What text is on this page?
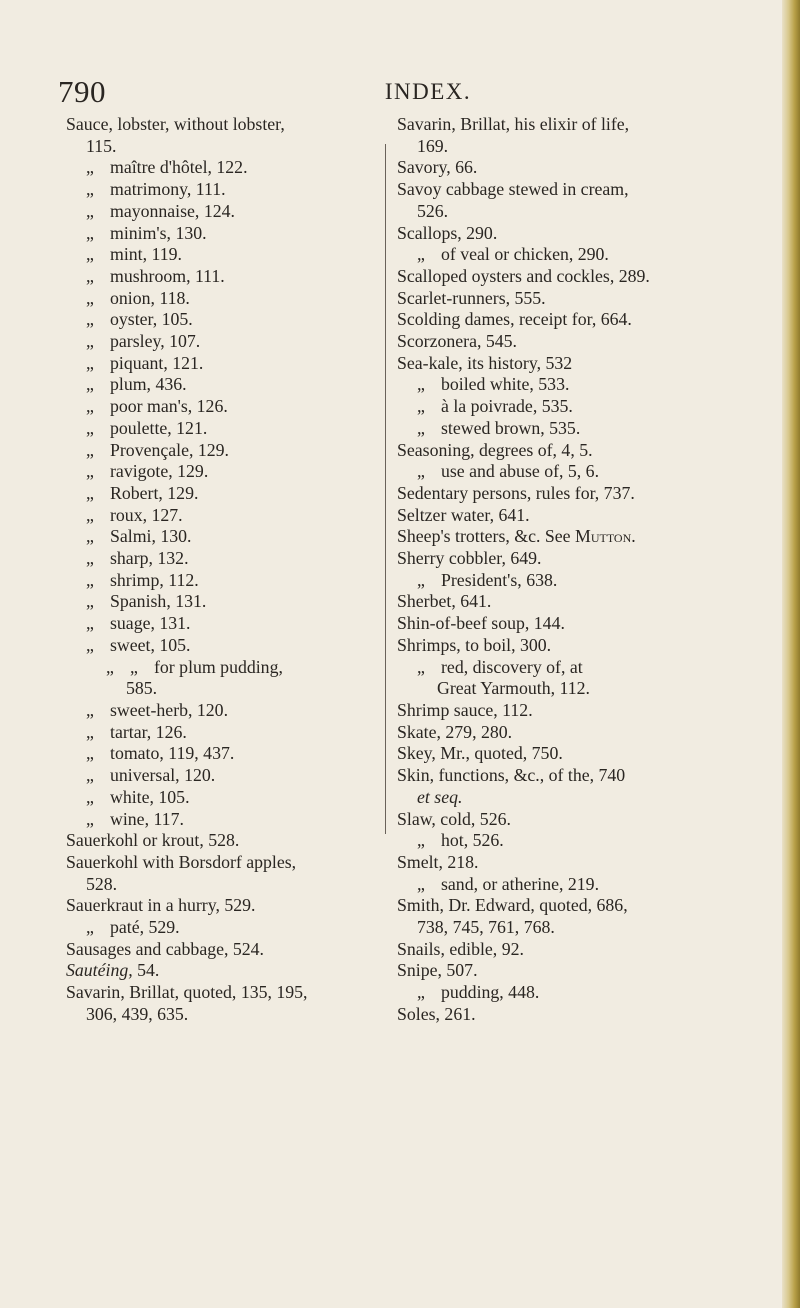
790	INDEX.
Sauce, lobster, without lobster,
115.
„ maître d'hôtel, 122.
„ matrimony, 111.
„ mayonnaise, 124.
„ minim's, 130.
„ mint, 119.
„ mushroom, 111.
„ onion, 118.
„ oyster, 105.
„ parsley, 107.
„ piquant, 121.
„ plum, 436.
„ poor man's, 126.
„ poulette, 121.
„ Provençale, 129.
„ ravigote, 129.
„ Robert, 129.
„ roux, 127.
„ Salmi, 130.
„ sharp, 132.
„ shrimp, 112.
„ Spanish, 131.
„ suage, 131.
„ sweet, 105.
„ „ for plum pudding,
585.
„ sweet-herb, 120.
„ tartar, 126.
„ tomato, 119, 437.
„ universal, 120.
„ white, 105.
„ wine, 117.
Sauerkohl or krout, 528.
Sauerkohl with Borsdorf apples,
528.
Sauerkraut in a hurry, 529.
„ paté, 529.
Sausages and cabbage, 524.
Sautéing, 54.
Savarin, Brillat, quoted, 135, 195,
306, 439, 635.
Savarin, Brillat, his elixir of life,
169.
Savory, 66.
Savoy cabbage stewed in cream,
526.
Scallops, 290.
„ of veal or chicken, 290.
Scalloped oysters and cockles, 289.
Scarlet-runners, 555.
Scolding dames, receipt for, 664.
Scorzonera, 545.
Sea-kale, its history, 532
„ boiled white, 533.
„ à la poivrade, 535.
„ stewed brown, 535.
Seasoning, degrees of, 4, 5.
„ use and abuse of, 5, 6.
Sedentary persons, rules for, 737.
Seltzer water, 641.
Sheep's trotters, &c. See Mutton.
Sherry cobbler, 649.
„ President's, 638.
Sherbet, 641.
Shin-of-beef soup, 144.
Shrimps, to boil, 300.
„ red, discovery of, at
Great Yarmouth, 112.
Shrimp sauce, 112.
Skate, 279, 280.
Skey, Mr., quoted, 750.
Skin, functions, &c., of the, 740
et seq.
Slaw, cold, 526.
„ hot, 526.
Smelt, 218.
„ sand, or atherine, 219.
Smith, Dr. Edward, quoted, 686,
738, 745, 761, 768.
Snails, edible, 92.
Snipe, 507.
„ pudding, 448.
Soles, 261.
